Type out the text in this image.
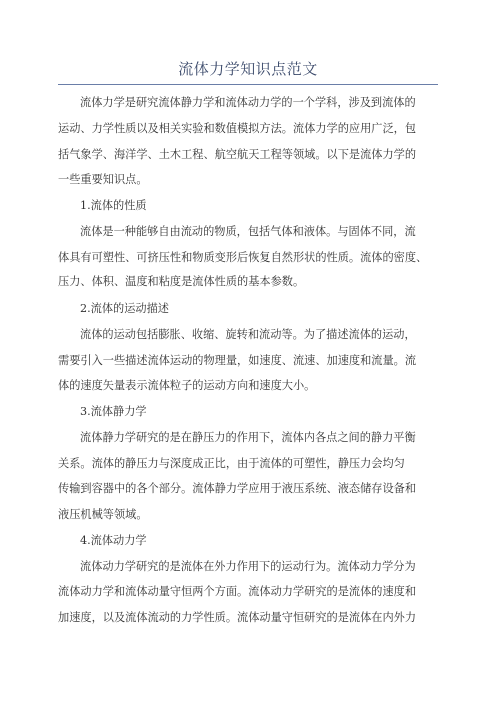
流体力学知识点范文
流体力学是研究流体静力学和流体动力学的一个学科，涉及到流体的
运动、力学性质以及相关实验和数值模拟方法。流体力学的应用广泛，包
括气象学、海洋学、土木工程、航空航天工程等领域。以下是流体力学的
一些重要知识点。
1.流体的性质
流体是一种能够自由流动的物质，包括气体和液体。与固体不同，流
体具有可塑性、可挤压性和物质变形后恢复自然形状的性质。流体的密度、
压力、体积、温度和粘度是流体性质的基本参数。
2.流体的运动描述
流体的运动包括膨胀、收缩、旋转和流动等。为了描述流体的运动，
需要引入一些描述流体运动的物理量，如速度、流速、加速度和流量。流
体的速度矢量表示流体粒子的运动方向和速度大小。
3.流体静力学
流体静力学研究的是在静压力的作用下，流体内各点之间的静力平衡
关系。流体的静压力与深度成正比，由于流体的可塑性，静压力会均匀
传输到容器中的各个部分。流体静力学应用于液压系统、液态储存设备和
液压机械等领域。
4.流体动力学
流体动力学研究的是流体在外力作用下的运动行为。流体动力学分为
流体动力学和流体动量守恒两个方面。流体动力学研究的是流体的速度和
加速度，以及流体流动的力学性质。流体动量守恒研究的是流体在内外力
